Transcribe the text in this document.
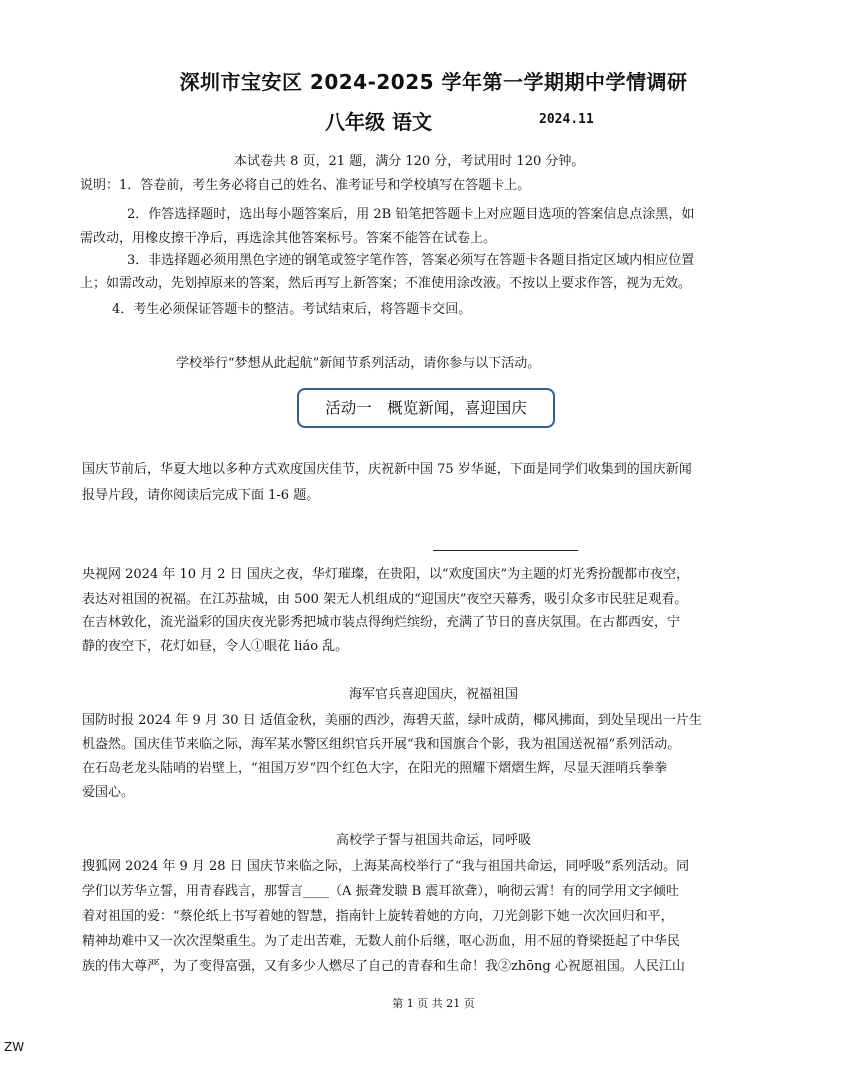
深圳市宝安区 2024-2025 学年第一学期期中学情调研
八年级 语文	2024.11
本试卷共 8 页，21 题，满分 120 分，考试用时 120 分钟。
说明：1．答卷前，考生务必将自己的姓名、准考证号和学校填写在答题卡上。
2．作答选择题时，选出每小题答案后，用 2B 铅笔把答题卡上对应题目选项的答案信息点涂黑，如
需改动，用橡皮擦干净后，再选涂其他答案标号。答案不能答在试卷上。
3．非选择题必须用黑色字迹的钢笔或签字笔作答，答案必须写在答题卡各题目指定区域内相应位置
上；如需改动，先划掉原来的答案，然后再写上新答案；不准使用涂改液。不按以上要求作答，视为无效。
4．考生必须保证答题卡的整洁。考试结束后，将答题卡交回。
学校举行“梦想从此起航”新闻节系列活动，请你参与以下活动。
活动一　概览新闻，喜迎国庆
国庆节前后，华夏大地以多种方式欢度国庆佳节，庆祝新中国 75 岁华诞，下面是同学们收集到的国庆新闻
报导片段，请你阅读后完成下面 1-6 题。
央视网 2024 年 10 月 2 日 国庆之夜，华灯璀璨，在贵阳，以“欢度国庆”为主题的灯光秀扮靓都市夜空，
表达对祖国的祝福。在江苏盐城，由 500 架无人机组成的“迎国庆”夜空天幕秀，吸引众多市民驻足观看。
在吉林敦化，流光溢彩的国庆夜光影秀把城市装点得绚烂缤纷，充满了节日的喜庆氛围。在古都西安，宁
静的夜空下，花灯如昼，令人①眼花 liáo 乱。
海军官兵喜迎国庆，祝福祖国
国防时报 2024 年 9 月 30 日 适值金秋，美丽的西沙，海碧天蓝，绿叶成荫，椰风拂面，到处呈现出一片生
机盎然。国庆佳节来临之际，海军某水警区组织官兵开展“我和国旗合个影，我为祖国送祝福”系列活动。
在石岛老龙头陆哨的岩壁上，“祖国万岁”四个红色大字，在阳光的照耀下熠熠生辉，尽显天涯哨兵拳拳
爱国心。
高校学子誓与祖国共命运，同呼吸
搜狐网 2024 年 9 月 28 日 国庆节来临之际，上海某高校举行了“我与祖国共命运，同呼吸”系列活动。同
学们以芳华立誓，用青春践言，那誓言____（A 振聋发聩 B 震耳欲聋），响彻云霄！有的同学用文字倾吐
着对祖国的爱：“蔡伦纸上书写着她的智慧，指南针上旋转着她的方向，刀光剑影下她一次次回归和平，
精神劫难中又一次次涅槃重生。为了走出苦难，无数人前仆后继，呕心沥血，用不屈的脊梁挺起了中华民
族的伟大尊严，为了变得富强，又有多少人燃尽了自己的青春和生命！我②zhōng 心祝愿祖国。人民江山
第 1 页 共 21 页
ZW
